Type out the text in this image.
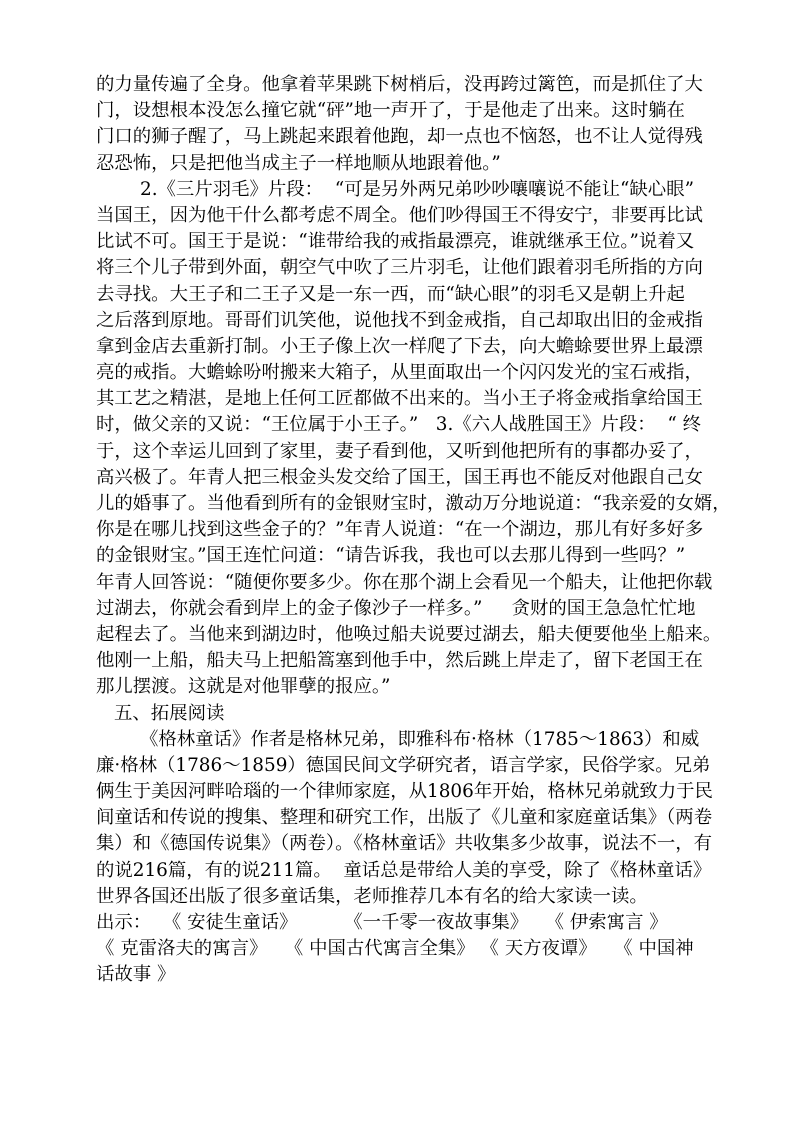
的力量传遍了全身。他拿着苹果跳下树梢后，没再跨过篱笆，而是抓住了大
门，设想根本没怎么撞它就“砰”地一声开了，于是他走了出来。这时躺在
门口的狮子醒了，马上跳起来跟着他跑，却一点也不恼怒，也不让人觉得残
忍恐怖，只是把他当成主子一样地顺从地跟着他。”
2.《三片羽毛》片段：  “可是另外两兄弟吵吵嚷嚷说不能让“缺心眼”
当国王，因为他干什么都考虑不周全。他们吵得国王不得安宁，非要再比试
比试不可。国王于是说：“谁带给我的戒指最漂亮，谁就继承王位。”说着又
将三个儿子带到外面，朝空气中吹了三片羽毛，让他们跟着羽毛所指的方向
去寻找。大王子和二王子又是一东一西，而“缺心眼”的羽毛又是朝上升起
之后落到原地。哥哥们讥笑他，说他找不到金戒指，自己却取出旧的金戒指
拿到金店去重新打制。小王子像上次一样爬了下去，向大蟾蜍要世界上最漂
亮的戒指。大蟾蜍吩咐搬来大箱子，从里面取出一个闪闪发光的宝石戒指，
其工艺之精湛，是地上任何工匠都做不出来的。当小王子将金戒指拿给国王
时，做父亲的又说：“王位属于小王子。”   3.《六人战胜国王》片段：  “ 终
于，这个幸运儿回到了家里，妻子看到他，又听到他把所有的事都办妥了，
高兴极了。年青人把三根金头发交给了国王，国王再也不能反对他跟自己女
儿的婚事了。当他看到所有的金银财宝时，激动万分地说道：“我亲爱的女婿，
你是在哪儿找到这些金子的？”年青人说道：“在一个湖边，那儿有好多好多
的金银财宝。”国王连忙问道：“请告诉我，我也可以去那儿得到一些吗？”
年青人回答说：“随便你要多少。你在那个湖上会看见一个船夫，让他把你载
过湖去，你就会看到岸上的金子像沙子一样多。”     贪财的国王急急忙忙地
起程去了。当他来到湖边时，他唤过船夫说要过湖去，船夫便要他坐上船来。
他刚一上船，船夫马上把船篙塞到他手中，然后跳上岸走了，留下老国王在
那儿摆渡。这就是对他罪孽的报应。”
五、拓展阅读
《格林童话》作者是格林兄弟，即雅科布·格林（1785～1863）和威
廉·格林（1786～1859）德国民间文学研究者，语言学家，民俗学家。兄弟
俩生于美因河畔哈瑙的一个律师家庭，从1806年开始，格林兄弟就致力于民
间童话和传说的搜集、整理和研究工作，出版了《儿童和家庭童话集》（两卷
集）和《德国传说集》（两卷）。《格林童话》共收集多少故事，说法不一，有
的说216篇，有的说211篇。  童话总是带给人美的享受，除了《格林童话》
世界各国还出版了很多童话集，老师推荐几本有名的给大家读一读。
出示：  《 安徒生童话》        《一千零一夜故事集》   《 伊索寓言 》
《 克雷洛夫的寓言》   《 中国古代寓言全集》 《 天方夜谭》   《 中国神
话故事 》
